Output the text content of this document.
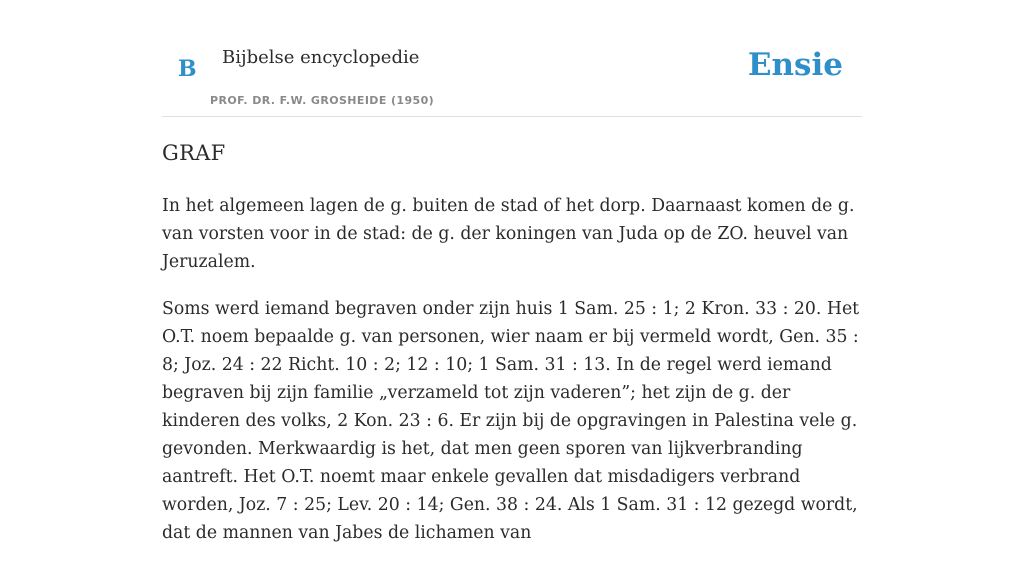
B Bijbelse encyclopedie
PROF. DR. F.W. GROSHEIDE (1950)
Ensie
GRAF

In het algemeen lagen de g. buiten de stad of het dorp. Daarnaast komen de g. van vorsten voor in de stad: de g. der koningen van Juda op de ZO. heuvel van Jeruzalem.

Soms werd iemand begraven onder zijn huis 1 Sam. 25 : 1; 2 Kron. 33 : 20. Het O.T. noem bepaalde g. van personen, wier naam er bij vermeld wordt, Gen. 35 : 8; Joz. 24 : 22 Richt. 10 : 2; 12 : 10; 1 Sam. 31 : 13. In de regel werd iemand begraven bij zijn familie „verzameld tot zijn vaderen”; het zijn de g. der kinderen des volks, 2 Kon. 23 : 6. Er zijn bij de opgravingen in Palestina vele g. gevonden. Merkwaardig is het, dat men geen sporen van lijkverbranding aantreft. Het O.T. noemt maar enkele gevallen dat misdadigers verbrand worden, Joz. 7 : 25; Lev. 20 : 14; Gen. 38 : 24. Als 1 Sam. 31 : 12 gezegd wordt, dat de mannen van Jabes de lichamen van
